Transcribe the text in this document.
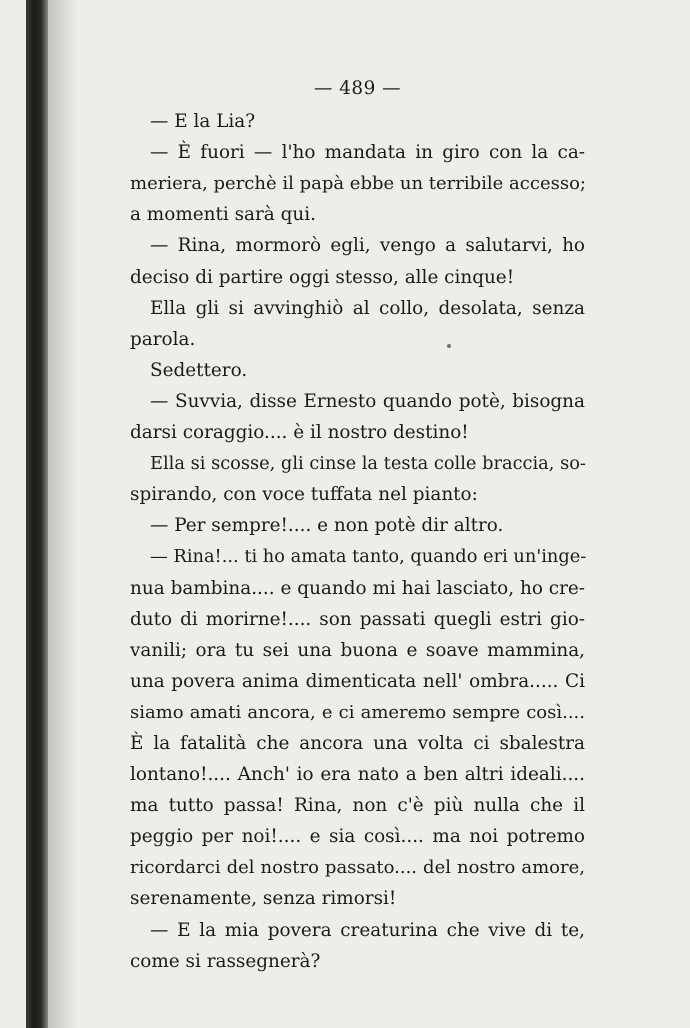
— 489 —
— E la Lia?
— È fuori — l'ho mandata in giro con la ca-
meriera, perchè il papà ebbe un terribile accesso;
a momenti sarà qui.
— Rina, mormorò egli, vengo a salutarvi, ho
deciso di partire oggi stesso, alle cinque!
Ella gli si avvinghiò al collo, desolata, senza
parola.
Sedettero.
— Suvvia, disse Ernesto quando potè, bisogna
darsi coraggio.... è il nostro destino!
Ella si scosse, gli cinse la testa colle braccia, so-
spirando, con voce tuffata nel pianto:
— Per sempre!.... e non potè dir altro.
— Rina!... ti ho amata tanto, quando eri un'inge-
nua bambina.... e quando mi hai lasciato, ho cre-
duto di morirne!.... son passati quegli estri gio-
vanili; ora tu sei una buona e soave mammina,
una povera anima dimenticata nell' ombra..... Ci
siamo amati ancora, e ci ameremo sempre così....
È la fatalità che ancora una volta ci sbalestra
lontano!.... Anch' io era nato a ben altri ideali....
ma tutto passa! Rina, non c'è più nulla che il
peggio per noi!.... e sia così.... ma noi potremo
ricordarci del nostro passato.... del nostro amore,
serenamente, senza rimorsi!
— E la mia povera creaturina che vive di te,
come si rassegnerà?
